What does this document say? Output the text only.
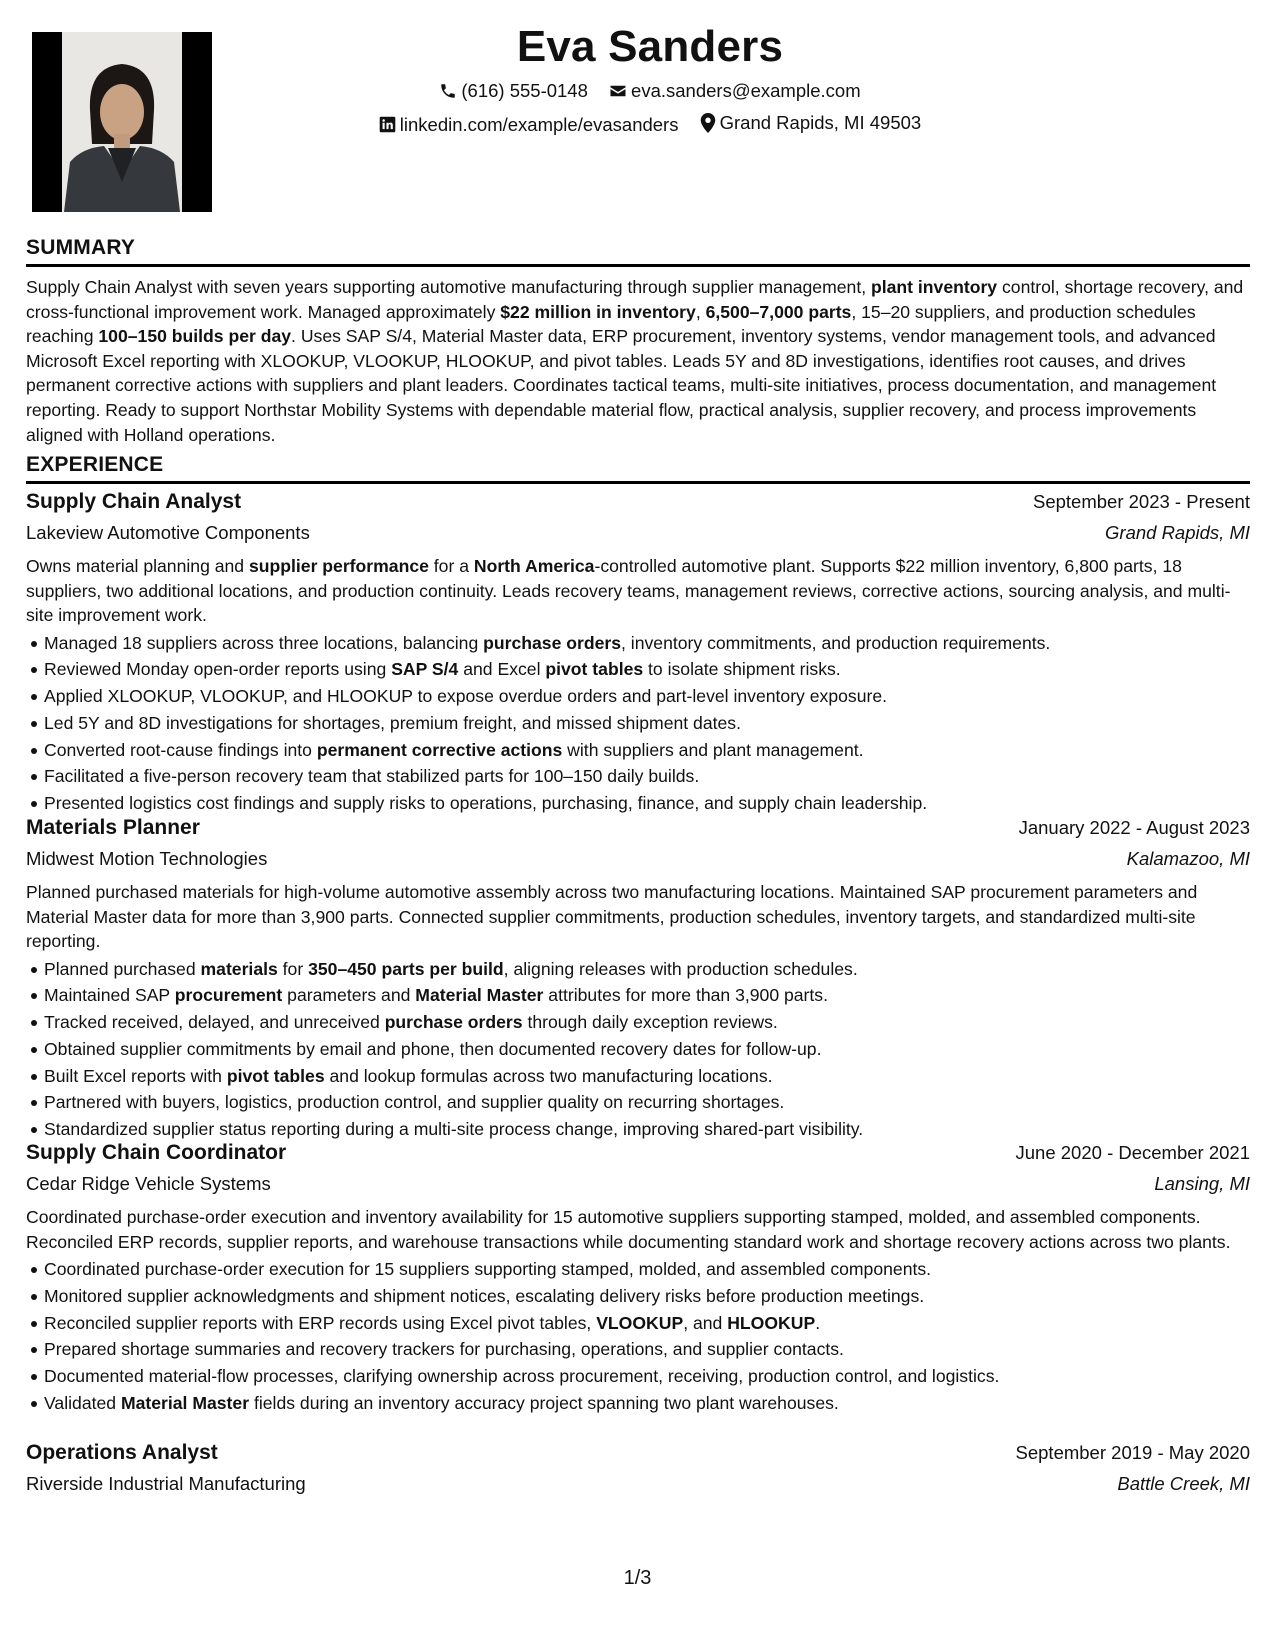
Eva Sanders
(616) 555-0148
eva.sanders@example.com
linkedin.com/example/evasanders
Grand Rapids, MI 49503
SUMMARY
Supply Chain Analyst with seven years supporting automotive manufacturing through supplier management, plant inventory control, shortage recovery, and cross-functional improvement work. Managed approximately $22 million in inventory, 6,500–7,000 parts, 15–20 suppliers, and production schedules reaching 100–150 builds per day. Uses SAP S/4, Material Master data, ERP procurement, inventory systems, vendor management tools, and advanced Microsoft Excel reporting with XLOOKUP, VLOOKUP, HLOOKUP, and pivot tables. Leads 5Y and 8D investigations, identifies root causes, and drives permanent corrective actions with suppliers and plant leaders. Coordinates tactical teams, multi-site initiatives, process documentation, and management reporting. Ready to support Northstar Mobility Systems with dependable material flow, practical analysis, supplier recovery, and process improvements aligned with Holland operations.
EXPERIENCE
Supply Chain Analyst	September 2023 - Present
Lakeview Automotive Components	Grand Rapids, MI
Owns material planning and supplier performance for a North America-controlled automotive plant. Supports $22 million inventory, 6,800 parts, 18 suppliers, two additional locations, and production continuity. Leads recovery teams, management reviews, corrective actions, sourcing analysis, and multi-site improvement work.
Managed 18 suppliers across three locations, balancing purchase orders, inventory commitments, and production requirements.
Reviewed Monday open-order reports using SAP S/4 and Excel pivot tables to isolate shipment risks.
Applied XLOOKUP, VLOOKUP, and HLOOKUP to expose overdue orders and part-level inventory exposure.
Led 5Y and 8D investigations for shortages, premium freight, and missed shipment dates.
Converted root-cause findings into permanent corrective actions with suppliers and plant management.
Facilitated a five-person recovery team that stabilized parts for 100–150 daily builds.
Presented logistics cost findings and supply risks to operations, purchasing, finance, and supply chain leadership.
Materials Planner	January 2022 - August 2023
Midwest Motion Technologies	Kalamazoo, MI
Planned purchased materials for high-volume automotive assembly across two manufacturing locations. Maintained SAP procurement parameters and Material Master data for more than 3,900 parts. Connected supplier commitments, production schedules, inventory targets, and standardized multi-site reporting.
Planned purchased materials for 350–450 parts per build, aligning releases with production schedules.
Maintained SAP procurement parameters and Material Master attributes for more than 3,900 parts.
Tracked received, delayed, and unreceived purchase orders through daily exception reviews.
Obtained supplier commitments by email and phone, then documented recovery dates for follow-up.
Built Excel reports with pivot tables and lookup formulas across two manufacturing locations.
Partnered with buyers, logistics, production control, and supplier quality on recurring shortages.
Standardized supplier status reporting during a multi-site process change, improving shared-part visibility.
Supply Chain Coordinator	June 2020 - December 2021
Cedar Ridge Vehicle Systems	Lansing, MI
Coordinated purchase-order execution and inventory availability for 15 automotive suppliers supporting stamped, molded, and assembled components. Reconciled ERP records, supplier reports, and warehouse transactions while documenting standard work and shortage recovery actions across two plants.
Coordinated purchase-order execution for 15 suppliers supporting stamped, molded, and assembled components.
Monitored supplier acknowledgments and shipment notices, escalating delivery risks before production meetings.
Reconciled supplier reports with ERP records using Excel pivot tables, VLOOKUP, and HLOOKUP.
Prepared shortage summaries and recovery trackers for purchasing, operations, and supplier contacts.
Documented material-flow processes, clarifying ownership across procurement, receiving, production control, and logistics.
Validated Material Master fields during an inventory accuracy project spanning two plant warehouses.
Operations Analyst	September 2019 - May 2020
Riverside Industrial Manufacturing	Battle Creek, MI
1/3
